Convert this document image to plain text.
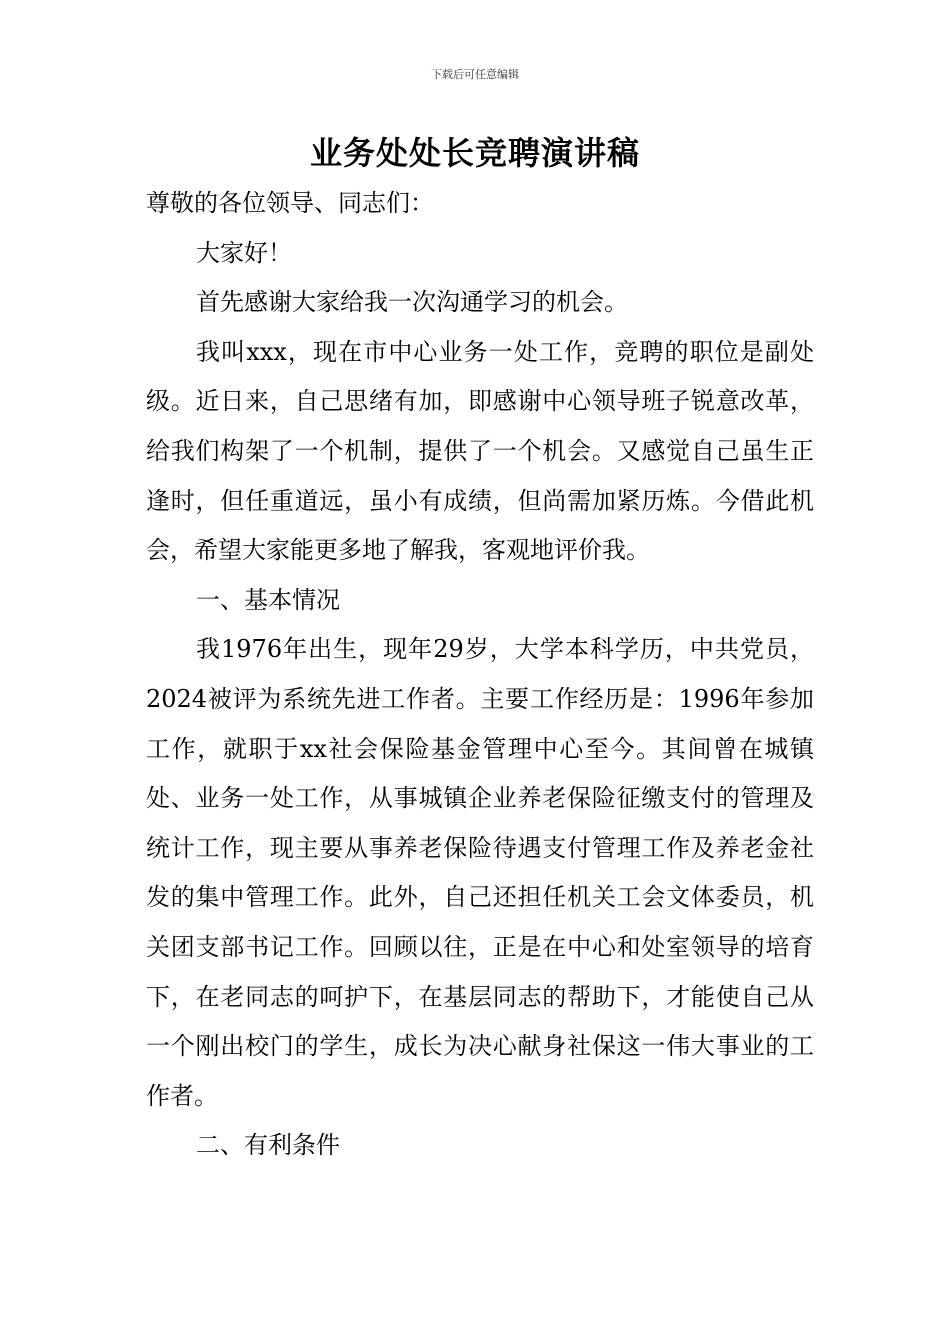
下载后可任意编辑
业务处处长竞聘演讲稿

尊敬的各位领导、同志们：

大家好！

首先感谢大家给我一次沟通学习的机会。

我叫xxx，现在市中心业务一处工作，竞聘的职位是副处级。近日来，自己思绪有加，即感谢中心领导班子锐意改革，给我们构架了一个机制，提供了一个机会。又感觉自己虽生正逢时，但任重道远，虽小有成绩，但尚需加紧历炼。今借此机会，希望大家能更多地了解我，客观地评价我。

一、基本情况

我1976年出生，现年29岁，大学本科学历，中共党员，2024被评为系统先进工作者。主要工作经历是：1996年参加工作，就职于xx社会保险基金管理中心至今。其间曾在城镇处、业务一处工作，从事城镇企业养老保险征缴支付的管理及统计工作，现主要从事养老保险待遇支付管理工作及养老金社发的集中管理工作。此外，自己还担任机关工会文体委员，机关团支部书记工作。回顾以往，正是在中心和处室领导的培育下，在老同志的呵护下，在基层同志的帮助下，才能使自己从一个刚出校门的学生，成长为决心献身社保这一伟大事业的工作者。

二、有利条件
